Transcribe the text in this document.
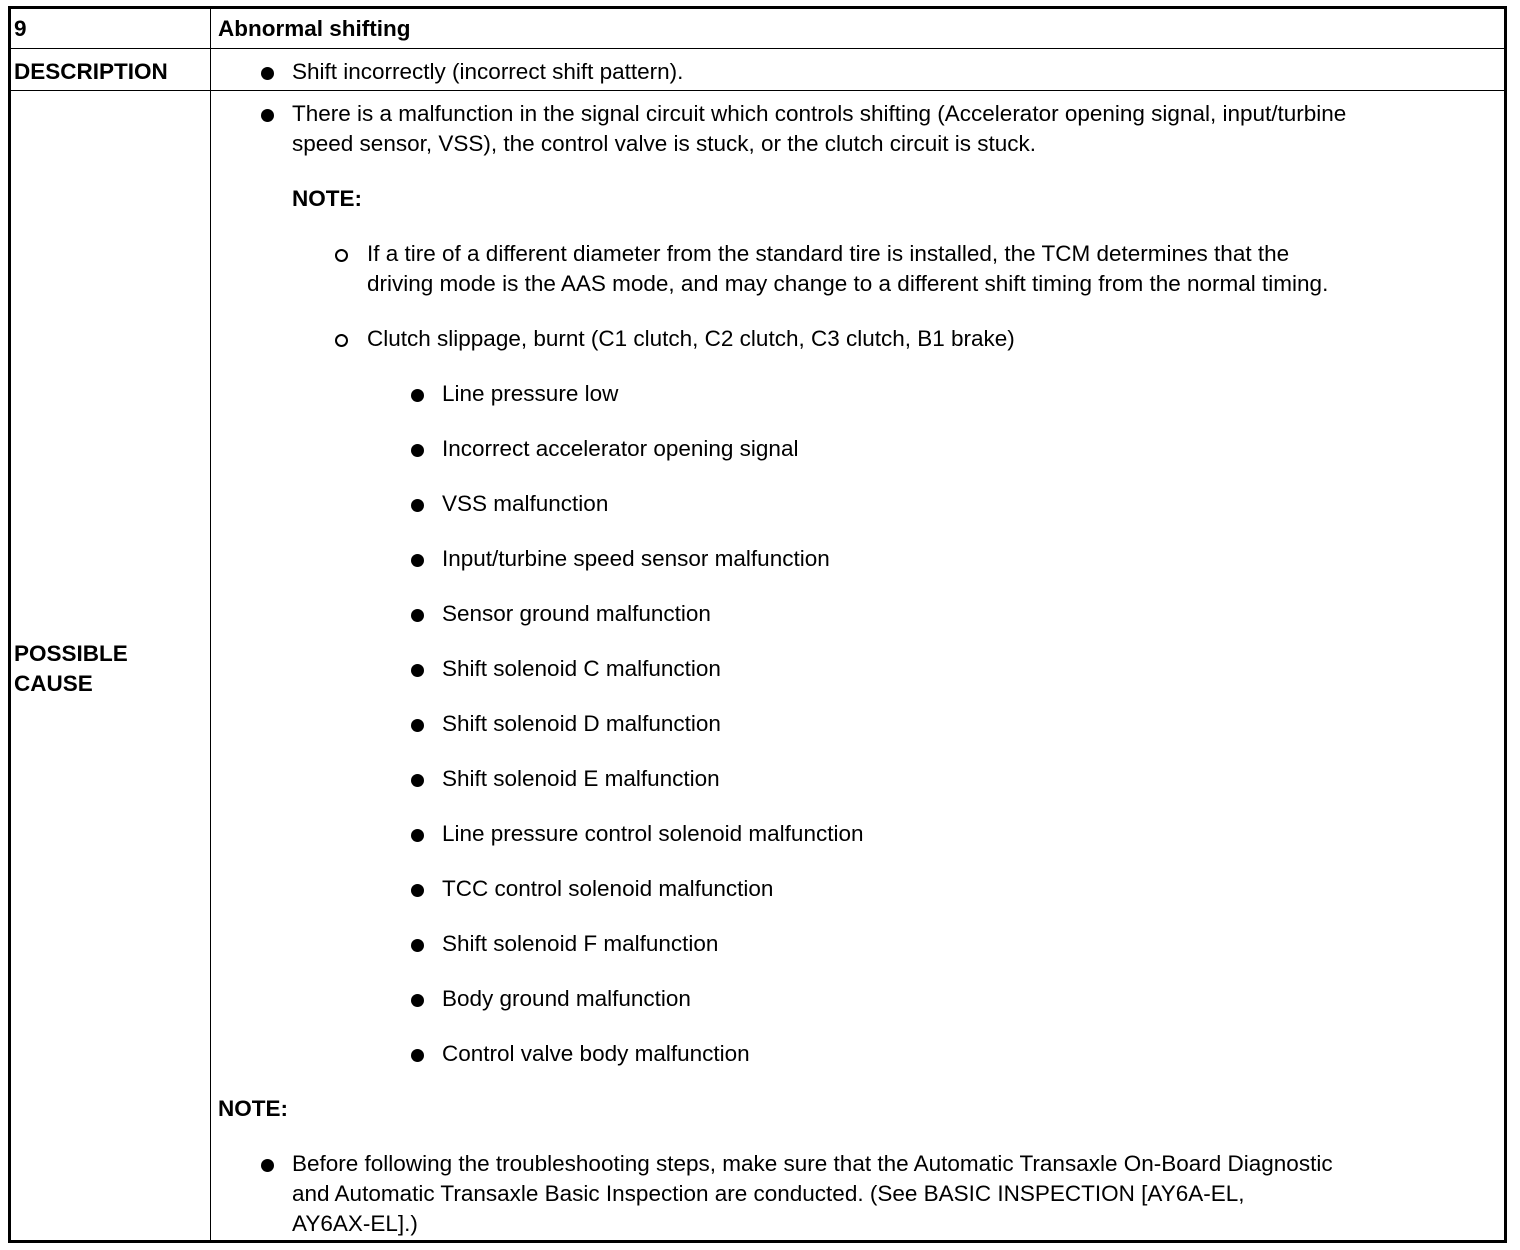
9	Abnormal shifting
DESCRIPTION	Shift incorrectly (incorrect shift pattern).
POSSIBLE
CAUSE
There is a malfunction in the signal circuit which controls shifting (Accelerator opening signal, input/turbine
speed sensor, VSS), the control valve is stuck, or the clutch circuit is stuck.
NOTE:
If a tire of a different diameter from the standard tire is installed, the TCM determines that the
driving mode is the AAS mode, and may change to a different shift timing from the normal timing.
Clutch slippage, burnt (C1 clutch, C2 clutch, C3 clutch, B1 brake)
Line pressure low
Incorrect accelerator opening signal
VSS malfunction
Input/turbine speed sensor malfunction
Sensor ground malfunction
Shift solenoid C malfunction
Shift solenoid D malfunction
Shift solenoid E malfunction
Line pressure control solenoid malfunction
TCC control solenoid malfunction
Shift solenoid F malfunction
Body ground malfunction
Control valve body malfunction
NOTE:
Before following the troubleshooting steps, make sure that the Automatic Transaxle On-Board Diagnostic
and Automatic Transaxle Basic Inspection are conducted. (See BASIC INSPECTION [AY6A-EL,
AY6AX-EL].)
